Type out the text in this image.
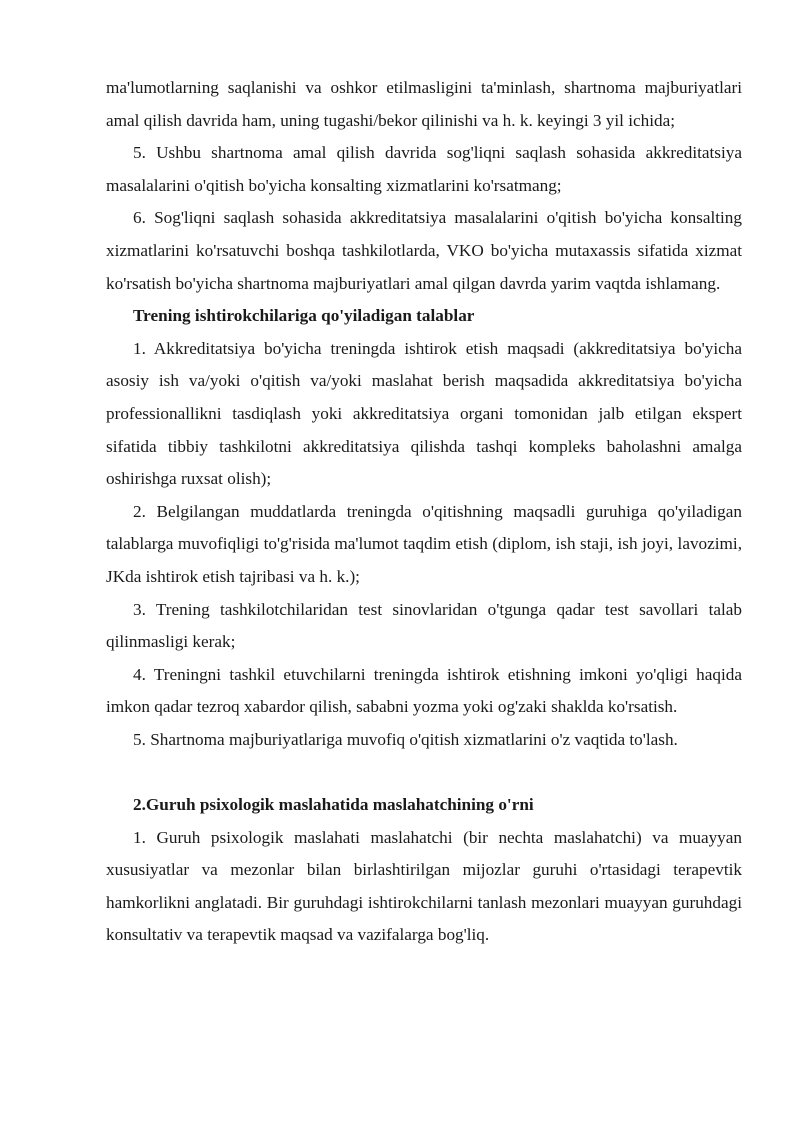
ma'lumotlarning saqlanishi va oshkor etilmasligini ta'minlash, shartnoma majburiyatlari amal qilish davrida ham, uning tugashi/bekor qilinishi va h. k. keyingi 3 yil ichida;

5. Ushbu shartnoma amal qilish davrida sog'liqni saqlash sohasida akkreditatsiya masalalarini o'qitish bo'yicha konsalting xizmatlarini ko'rsatmang;

6. Sog'liqni saqlash sohasida akkreditatsiya masalalarini o'qitish bo'yicha konsalting xizmatlarini ko'rsatuvchi boshqa tashkilotlarda, VKO bo'yicha mutaxassis sifatida xizmat ko'rsatish bo'yicha shartnoma majburiyatlari amal qilgan davrda yarim vaqtda ishlamang.

Trening ishtirokchilariga qo'yiladigan talablar

1. Akkreditatsiya bo'yicha treningda ishtirok etish maqsadi (akkreditatsiya bo'yicha asosiy ish va/yoki o'qitish va/yoki maslahat berish maqsadida akkreditatsiya bo'yicha professionallikni tasdiqlash yoki akkreditatsiya organi tomonidan jalb etilgan ekspert sifatida tibbiy tashkilotni akkreditatsiya qilishda tashqi kompleks baholashni amalga oshirishga ruxsat olish);

2. Belgilangan muddatlarda treningda o'qitishning maqsadli guruhiga qo'yiladigan talablarga muvofiqligi to'g'risida ma'lumot taqdim etish (diplom, ish staji, ish joyi, lavozimi, JKda ishtirok etish tajribasi va h. k.);

3. Trening tashkilotchilaridan test sinovlaridan o'tgunga qadar test savollari talab qilinmasligi kerak;

4. Treningni tashkil etuvchilarni treningda ishtirok etishning imkoni yo'qligi haqida imkon qadar tezroq xabardor qilish, sababni yozma yoki og'zaki shaklda ko'rsatish.

5. Shartnoma majburiyatlariga muvofiq o'qitish xizmatlarini o'z vaqtida to'lash.

2.Guruh psixologik maslahatida maslahatchining o'rni

1. Guruh psixologik maslahati maslahatchi (bir nechta maslahatchi) va muayyan xususiyatlar va mezonlar bilan birlashtirilgan mijozlar guruhi o'rtasidagi terapevtik hamkorlikni anglatadi. Bir guruhdagi ishtirokchilarni tanlash mezonlari muayyan guruhdagi konsultativ va terapevtik maqsad va vazifalarga bog'liq.
